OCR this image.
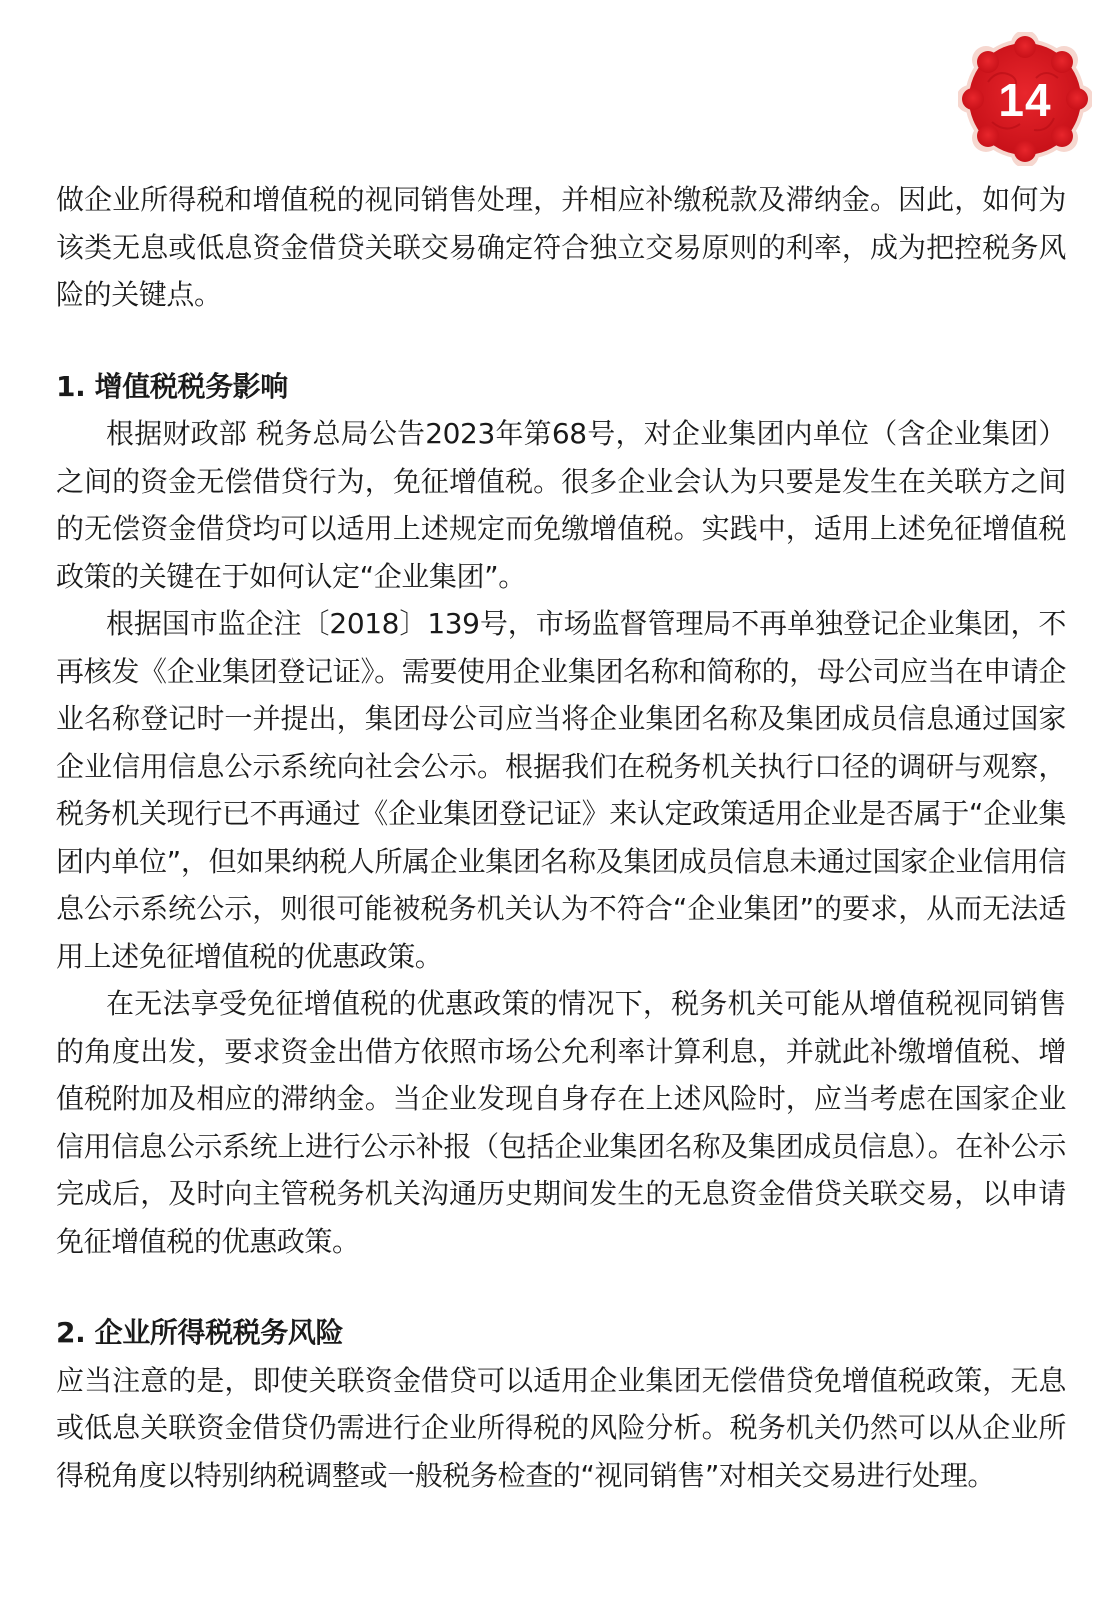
14

做企业所得税和增值税的视同销售处理，并相应补缴税款及滞纳金。因此，如何为该类无息或低息资金借贷关联交易确定符合独立交易原则的利率，成为把控税务风险的关键点。

1. 增值税税务影响

根据财政部 税务总局公告2023年第68号，对企业集团内单位（含企业集团）之间的资金无偿借贷行为，免征增值税。很多企业会认为只要是发生在关联方之间的无偿资金借贷均可以适用上述规定而免缴增值税。实践中，适用上述免征增值税政策的关键在于如何认定“企业集团”。

根据国市监企注〔2018〕139号，市场监督管理局不再单独登记企业集团，不再核发《企业集团登记证》。需要使用企业集团名称和简称的，母公司应当在申请企业名称登记时一并提出，集团母公司应当将企业集团名称及集团成员信息通过国家企业信用信息公示系统向社会公示。根据我们在税务机关执行口径的调研与观察，税务机关现行已不再通过《企业集团登记证》来认定政策适用企业是否属于“企业集团内单位”，但如果纳税人所属企业集团名称及集团成员信息未通过国家企业信用信息公示系统公示，则很可能被税务机关认为不符合“企业集团”的要求，从而无法适用上述免征增值税的优惠政策。

在无法享受免征增值税的优惠政策的情况下，税务机关可能从增值税视同销售的角度出发，要求资金出借方依照市场公允利率计算利息，并就此补缴增值税、增值税附加及相应的滞纳金。当企业发现自身存在上述风险时，应当考虑在国家企业信用信息公示系统上进行公示补报（包括企业集团名称及集团成员信息）。在补公示完成后，及时向主管税务机关沟通历史期间发生的无息资金借贷关联交易，以申请免征增值税的优惠政策。

2. 企业所得税税务风险

应当注意的是，即使关联资金借贷可以适用企业集团无偿借贷免增值税政策，无息或低息关联资金借贷仍需进行企业所得税的风险分析。税务机关仍然可以从企业所得税角度以特别纳税调整或一般税务检查的“视同销售”对相关交易进行处理。
